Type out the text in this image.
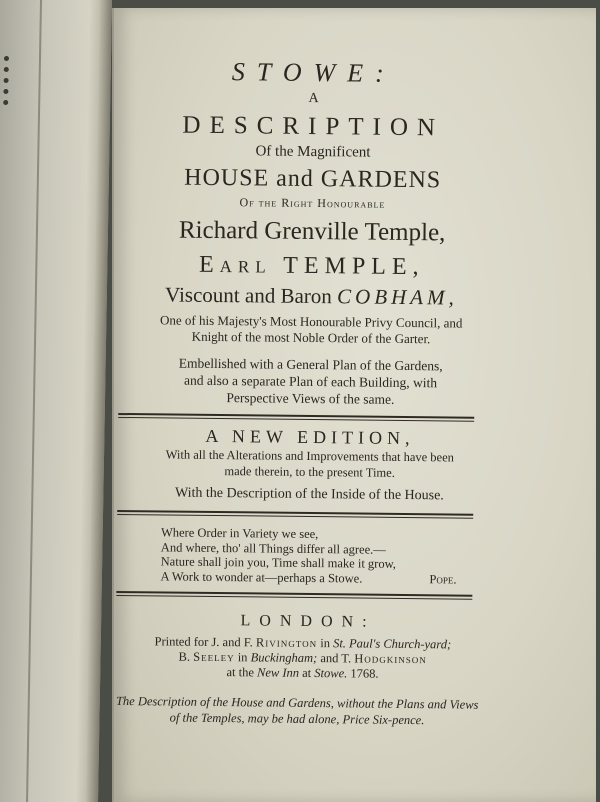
STOWE:

A

DESCRIPTION

Of the Magnificent

HOUSE and GARDENS

Of the Right Honourable

Richard Grenville Temple,

Earl TEMPLE,

Viscount and Baron COBHAM,

One of his Majesty's Most Honourable Privy Council, and
Knight of the most Noble Order of the Garter.

Embellished with a General Plan of the Gardens,
and also a separate Plan of each Building, with
Perspective Views of the same.

A NEW EDITION,

With all the Alterations and Improvements that have been
made therein, to the present Time.

With the Description of the Inside of the House.

Where Order in Variety we see,
And where, tho' all Things differ all agree.—
Nature shall join you, Time shall make it grow,
A Work to wonder at—perhaps a Stowe.	Pope.

LONDON:

Printed for J. and F. Rivington in St. Paul's Church-yard;
B. Seeley in Buckingham; and T. Hodgkinson
at the New Inn at Stowe. 1768.

The Description of the House and Gardens, without the Plans and Views
of the Temples, may be had alone, Price Six-pence.
